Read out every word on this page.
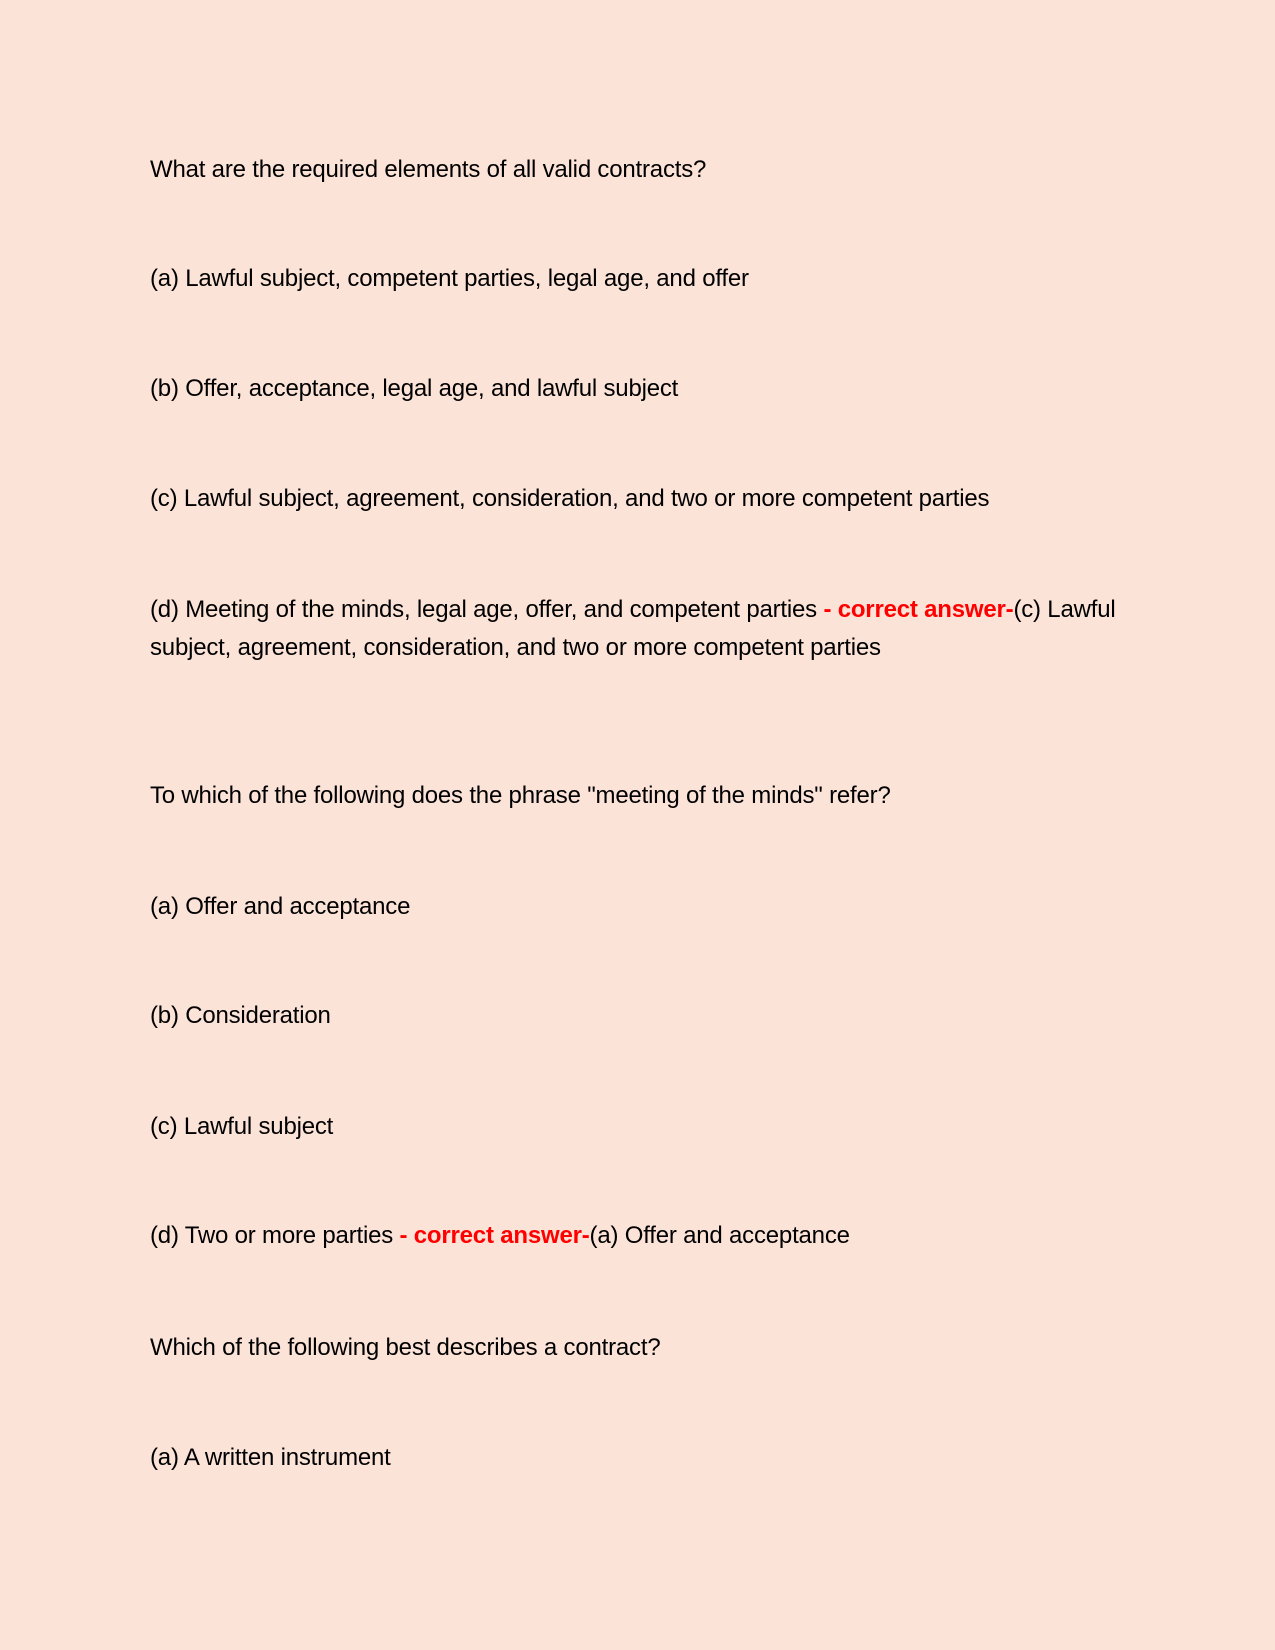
What are the required elements of all valid contracts?
(a) Lawful subject, competent parties, legal age, and offer
(b) Offer, acceptance, legal age, and lawful subject
(c) Lawful subject, agreement, consideration, and two or more competent parties
(d) Meeting of the minds, legal age, offer, and competent parties - correct answer-(c) Lawful subject, agreement, consideration, and two or more competent parties
To which of the following does the phrase "meeting of the minds" refer?
(a) Offer and acceptance
(b) Consideration
(c) Lawful subject
(d) Two or more parties - correct answer-(a) Offer and acceptance
Which of the following best describes a contract?
(a) A written instrument
